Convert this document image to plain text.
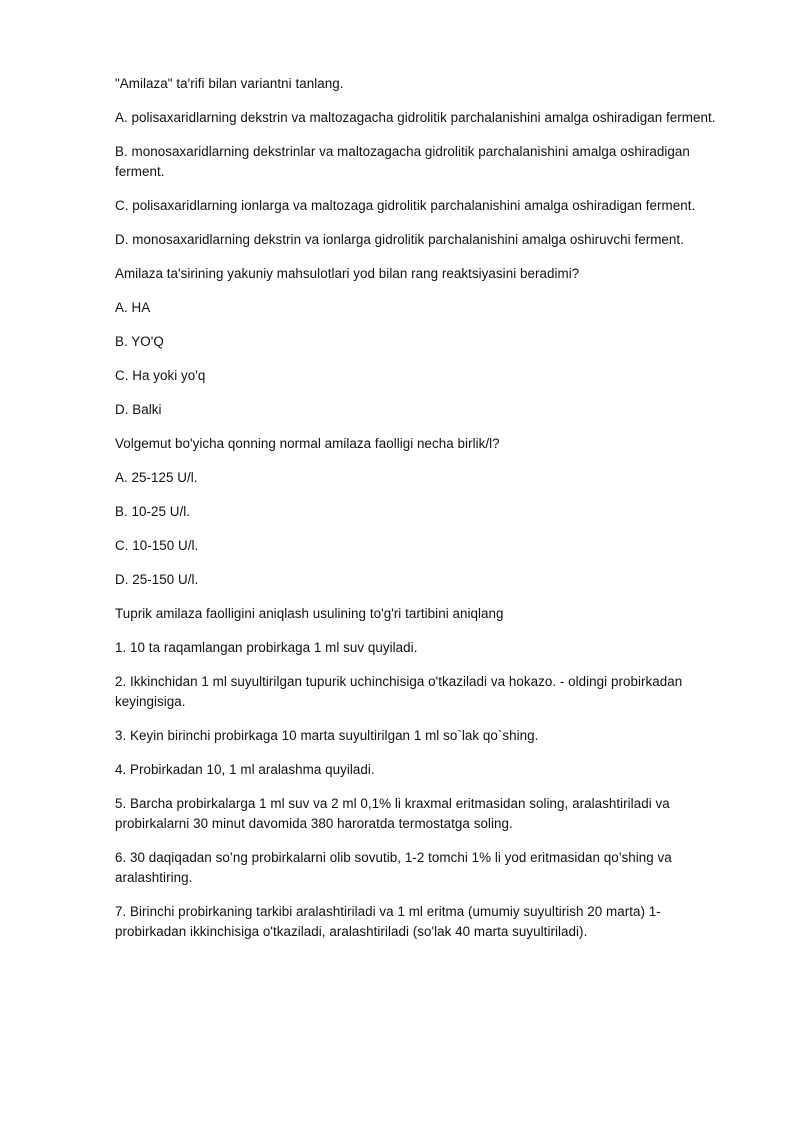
"Amilaza" ta'rifi bilan variantni tanlang.

A. polisaxaridlarning dekstrin va maltozagacha gidrolitik parchalanishini amalga oshiradigan ferment.

B. monosaxaridlarning dekstrinlar va maltozagacha gidrolitik parchalanishini amalga oshiradigan ferment.

C. polisaxaridlarning ionlarga va maltozaga gidrolitik parchalanishini amalga oshiradigan ferment.

D. monosaxaridlarning dekstrin va ionlarga gidrolitik parchalanishini amalga oshiruvchi ferment.

Amilaza ta'sirining yakuniy mahsulotlari yod bilan rang reaktsiyasini beradimi?

A. HA

B. YO'Q

C. Ha yoki yo'q

D. Balki

Volgemut bo'yicha qonning normal amilaza faolligi necha birlik/l?

A. 25-125 U/l.

B. 10-25 U/l.

C. 10-150 U/l.

D. 25-150 U/l.

Tuprik amilaza faolligini aniqlash usulining to'g'ri tartibini aniqlang

1. 10 ta raqamlangan probirkaga 1 ml suv quyiladi.

2. Ikkinchidan 1 ml suyultirilgan tupurik uchinchisiga o'tkaziladi va hokazo. - oldingi probirkadan keyingisiga.

3. Keyin birinchi probirkaga 10 marta suyultirilgan 1 ml so`lak qo`shing.

4. Probirkadan 10, 1 ml aralashma quyiladi.

5. Barcha probirkalarga 1 ml suv va 2 ml 0,1% li kraxmal eritmasidan soling, aralashtiriladi va probirkalarni 30 minut davomida 380 haroratda termostatga soling.

6. 30 daqiqadan so’ng probirkalarni olib sovutib, 1-2 tomchi 1% li yod eritmasidan qo’shing va aralashtiring.

7. Birinchi probirkaning tarkibi aralashtiriladi va 1 ml eritma (umumiy suyultirish 20 marta) 1-probirkadan ikkinchisiga o'tkaziladi, aralashtiriladi (so'lak 40 marta suyultiriladi).
